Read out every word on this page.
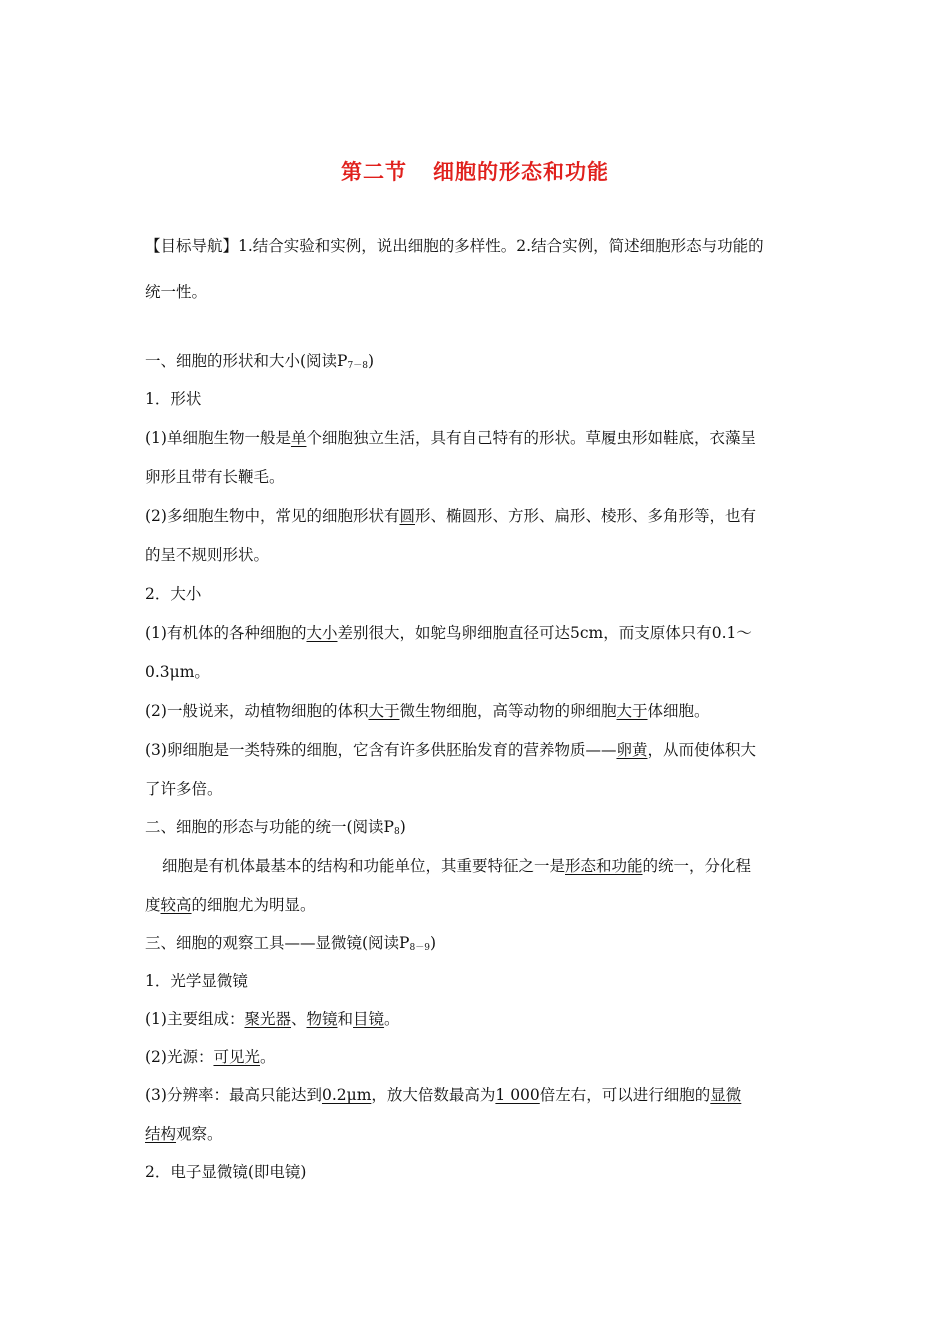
第二节 细胞的形态和功能
【目标导航】1.结合实验和实例，说出细胞的多样性。2.结合实例，简述细胞形态与功能的
统一性。
一、细胞的形状和大小(阅读$P_{7-8}$)
1．形状
(1)单细胞生物一般是单个细胞独立生活，具有自己特有的形状。草履虫形如鞋底，衣藻呈
卵形且带有长鞭毛。
(2)多细胞生物中，常见的细胞形状有圆形、椭圆形、方形、扁形、棱形、多角形等，也有
的呈不规则形状。
2．大小
(1)有机体的各种细胞的大小差别很大，如鸵鸟卵细胞直径可达5cm，而支原体只有0.1～
0.3μm。
(2)一般说来，动植物细胞的体积大于微生物细胞，高等动物的卵细胞大于体细胞。
(3)卵细胞是一类特殊的细胞，它含有许多供胚胎发育的营养物质——卵黄，从而使体积大
了许多倍。
二、细胞的形态与功能的统一(阅读$P_8$)
细胞是有机体最基本的结构和功能单位，其重要特征之一是形态和功能的统一，分化程
度较高的细胞尤为明显。
三、细胞的观察工具——显微镜(阅读$P_{8-9}$)
1．光学显微镜
(1)主要组成：聚光器、物镜和目镜。
(2)光源：可见光。
(3)分辨率：最高只能达到0.2μm，放大倍数最高为1 000倍左右，可以进行细胞的显微
结构观察。
2．电子显微镜(即电镜)
